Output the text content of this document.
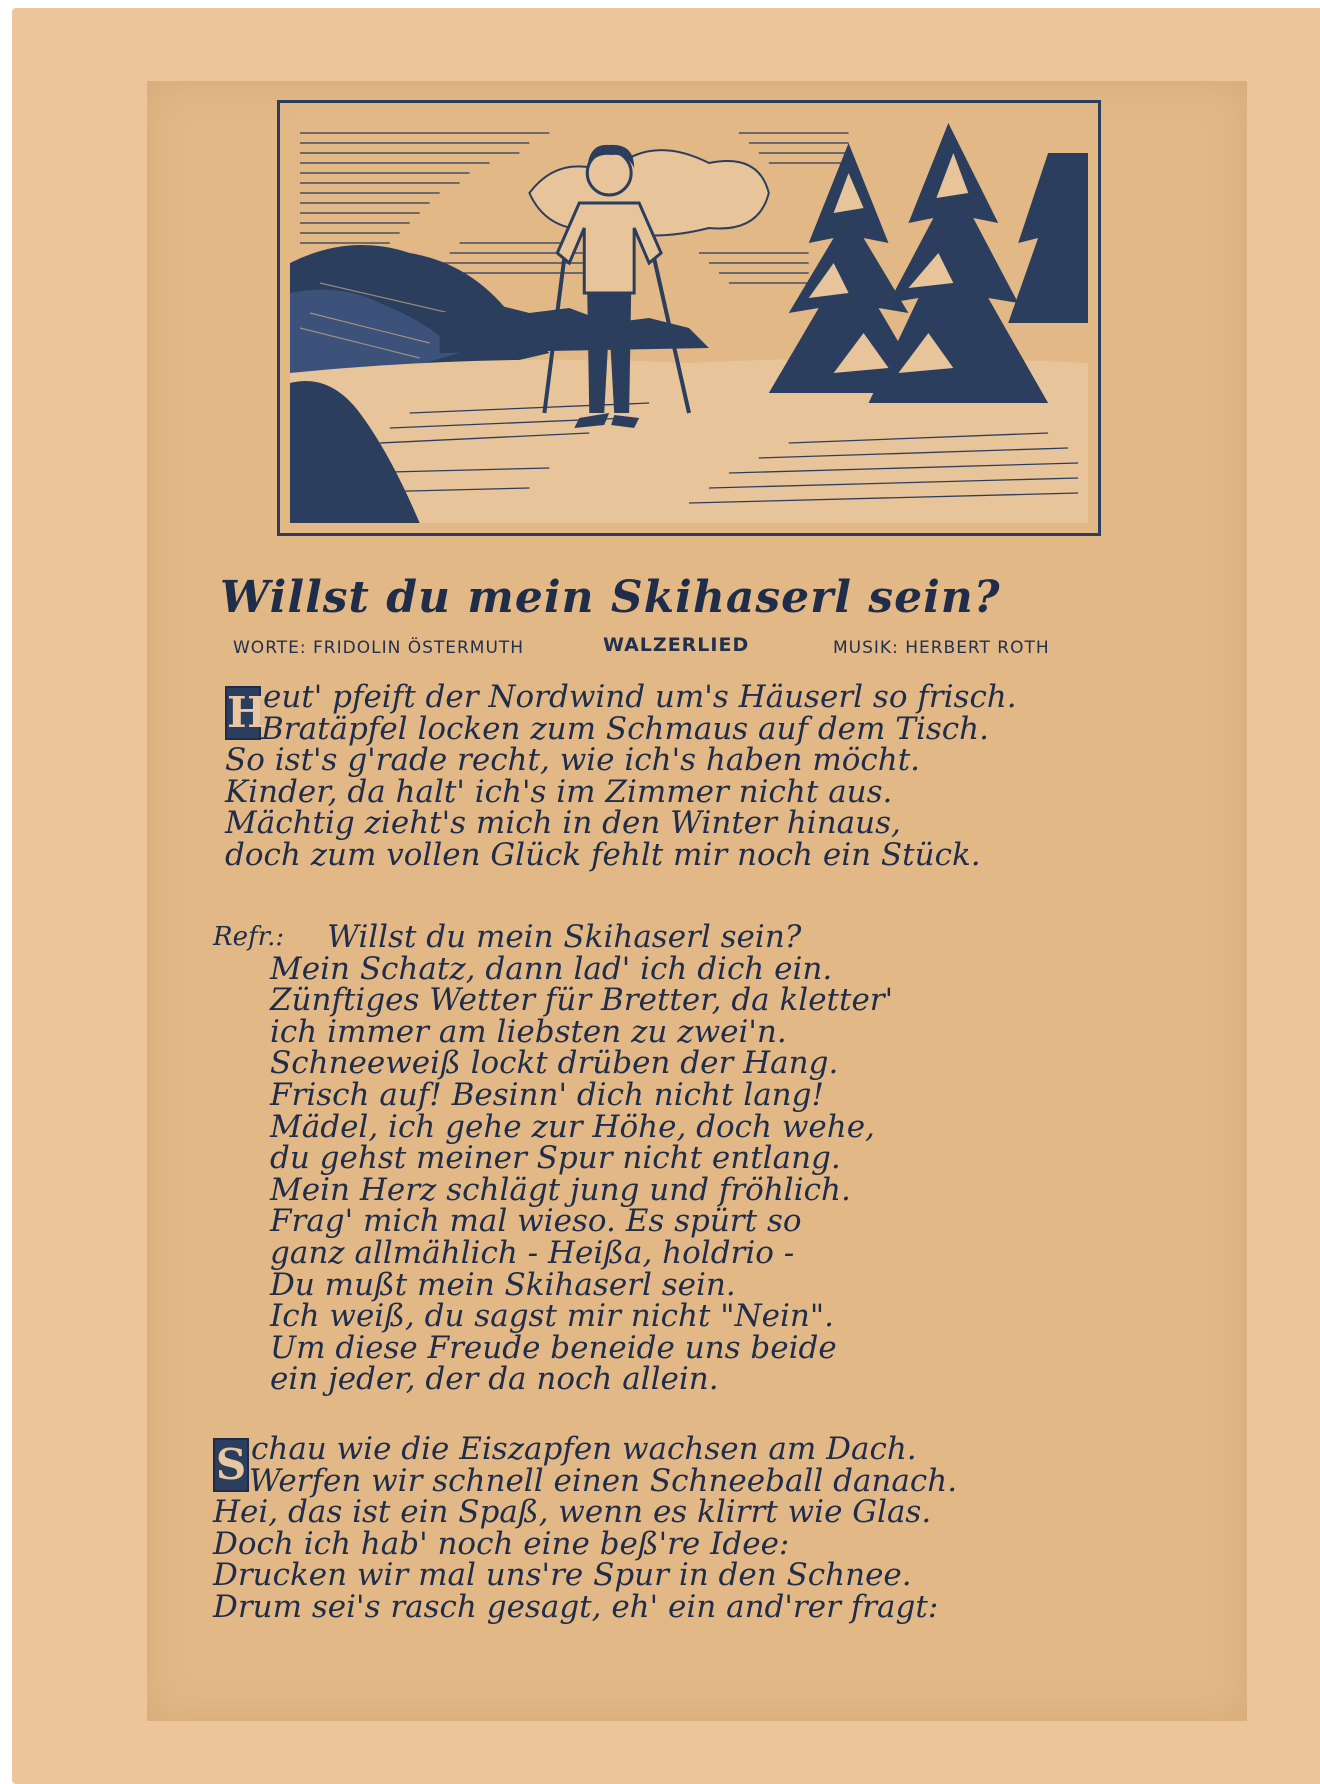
Willst du mein Skihaserl sein?
WORTE: FRIDOLIN ÖSTERMUTH	WALZERLIED	MUSIK: HERBERT ROTH
Heut' pfeift der Nordwind um's Häuserl so frisch.
Bratäpfel locken zum Schmaus auf dem Tisch.
So ist's g'rade recht, wie ich's haben möcht.
Kinder, da halt' ich's im Zimmer nicht aus.
Mächtig zieht's mich in den Winter hinaus,
doch zum vollen Glück fehlt mir noch ein Stück.
Refr.:	Willst du mein Skihaserl sein?
Mein Schatz, dann lad' ich dich ein.
Zünftiges Wetter für Bretter, da kletter'
ich immer am liebsten zu zwei'n.
Schneeweiß lockt drüben der Hang.
Frisch auf! Besinn' dich nicht lang!
Mädel, ich gehe zur Höhe, doch wehe,
du gehst meiner Spur nicht entlang.
Mein Herz schlägt jung und fröhlich.
Frag' mich mal wieso. Es spürt so
ganz allmählich - Heißa, holdrio -
Du mußt mein Skihaserl sein.
Ich weiß, du sagst mir nicht "Nein".
Um diese Freude beneide uns beide
ein jeder, der da noch allein.
S chau wie die Eiszapfen wachsen am Dach.
Werfen wir schnell einen Schneeball danach.
Hei, das ist ein Spaß, wenn es klirrt wie Glas.
Doch ich hab' noch eine beß're Idee:
Drucken wir mal uns're Spur in den Schnee.
Drum sei's rasch gesagt, eh' ein and'rer fragt:
